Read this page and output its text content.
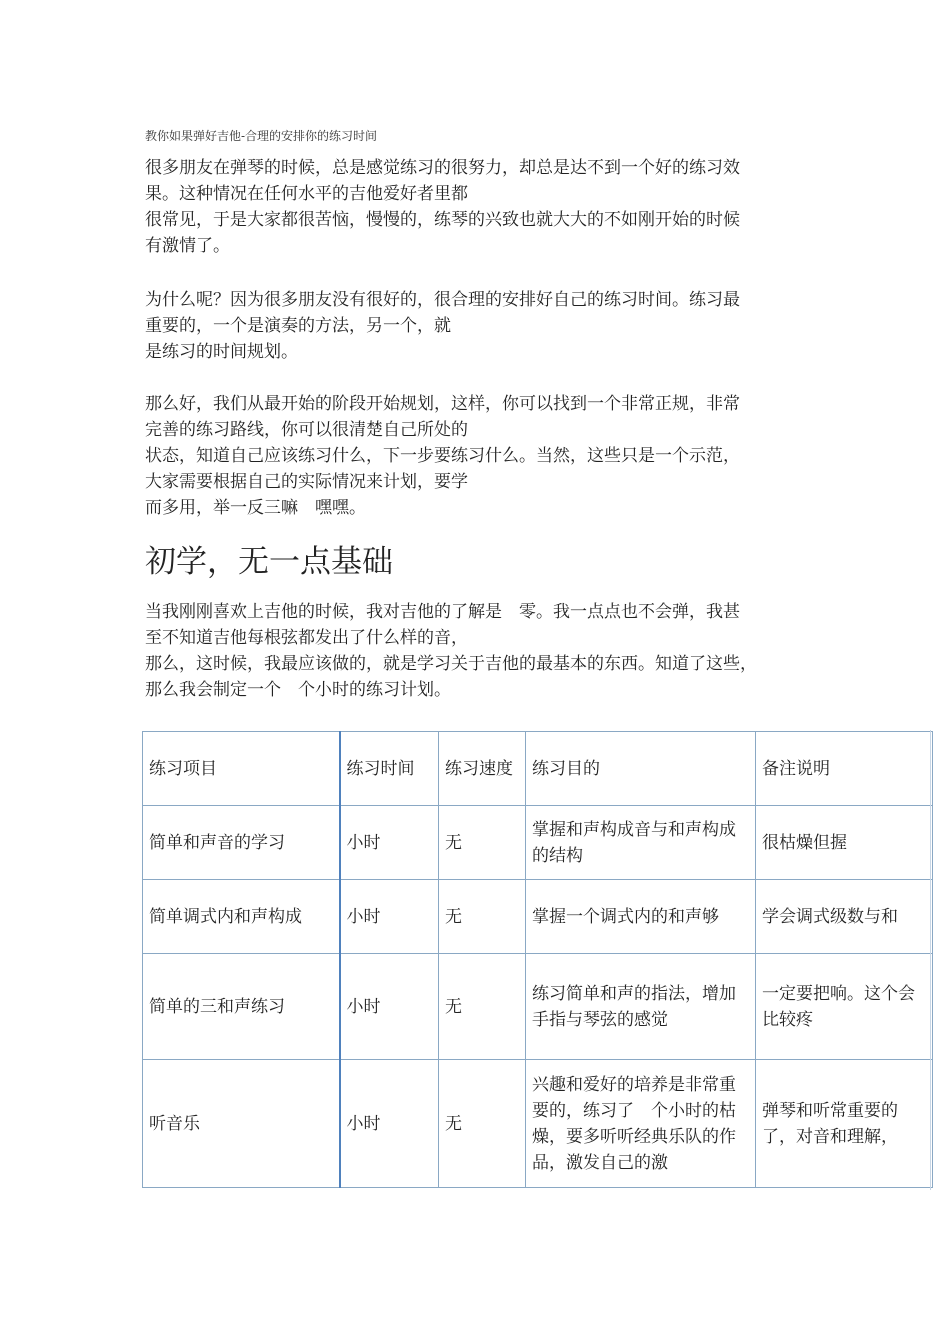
教你如果弹好吉他-合理的安排你的练习时间
很多朋友在弹琴的时候，总是感觉练习的很努力，却总是达不到一个好的练习效
果。这种情况在任何水平的吉他爱好者里都
很常见，于是大家都很苦恼，慢慢的，练琴的兴致也就大大的不如刚开始的时候
有激情了。
为什么呢？因为很多朋友没有很好的，很合理的安排好自己的练习时间。练习最
重要的，一个是演奏的方法，另一个，就
是练习的时间规划。
那么好，我们从最开始的阶段开始规划，这样，你可以找到一个非常正规，非常
完善的练习路线，你可以很清楚自己所处的
状态，知道自己应该练习什么，下一步要练习什么。当然，这些只是一个示范，
大家需要根据自己的实际情况来计划，要学
而多用，举一反三嘛　嘿嘿。
初学，无一点基础
当我刚刚喜欢上吉他的时候，我对吉他的了解是　零。我一点点也不会弹，我甚
至不知道吉他每根弦都发出了什么样的音，
那么，这时候，我最应该做的，就是学习关于吉他的最基本的东西。知道了这些，
那么我会制定一个　个小时的练习计划。
练习项目	练习时间	练习速度	练习目的	备注说明
简单和声音的学习	小时	无	掌握和声构成音与和声构成的结构	很枯燥但握
简单调式内和声构成	小时	无	掌握一个调式内的和声够	学会调式级数与和
简单的三和声练习	小时	无	练习简单和声的指法，增加手指与琴弦的感觉	一定要把响。这个会比较疼
听音乐	小时	无	兴趣和爱好的培养是非常重要的，练习了　个小时的枯燥，要多听听经典乐队的作品，激发自己的激	弹琴和听常重要的了，对音和理解，
